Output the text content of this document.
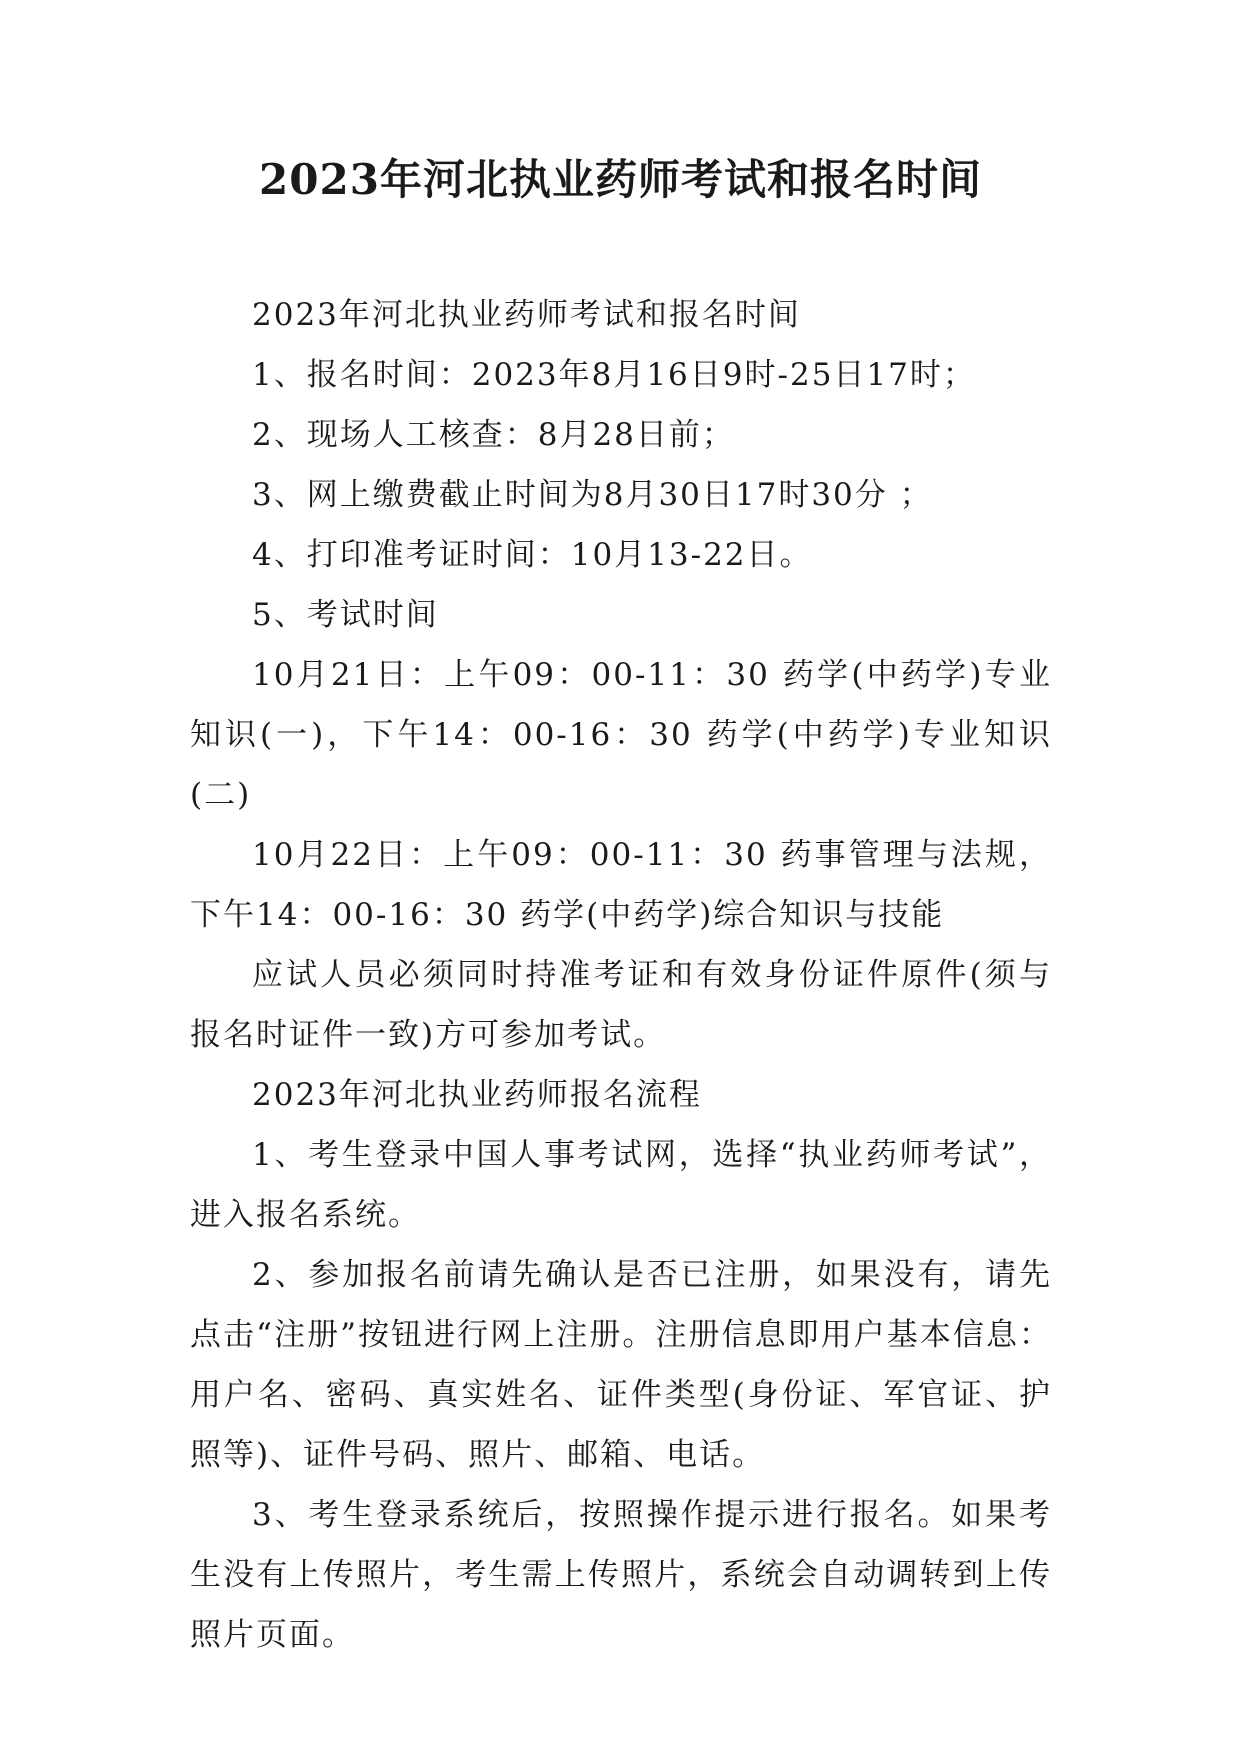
2023年河北执业药师考试和报名时间

2023年河北执业药师考试和报名时间

1、报名时间：2023年8月16日9时-25日17时；

2、现场人工核查：8月28日前；

3、网上缴费截止时间为8月30日17时30分 ；

4、打印准考证时间：10月13-22日。

5、考试时间

10月21日：上午09：00-11：30 药学(中药学)专业知识(一)，下午14：00-16：30 药学(中药学)专业知识(二)

10月22日：上午09：00-11：30 药事管理与法规，下午14：00-16：30 药学(中药学)综合知识与技能

应试人员必须同时持准考证和有效身份证件原件(须与报名时证件一致)方可参加考试。

2023年河北执业药师报名流程

1、考生登录中国人事考试网，选择“执业药师考试”，进入报名系统。

2、参加报名前请先确认是否已注册，如果没有，请先点击“注册”按钮进行网上注册。注册信息即用户基本信息：用户名、密码、真实姓名、证件类型(身份证、军官证、护照等)、证件号码、照片、邮箱、电话。

3、考生登录系统后，按照操作提示进行报名。如果考生没有上传照片，考生需上传照片，系统会自动调转到上传照片页面。
